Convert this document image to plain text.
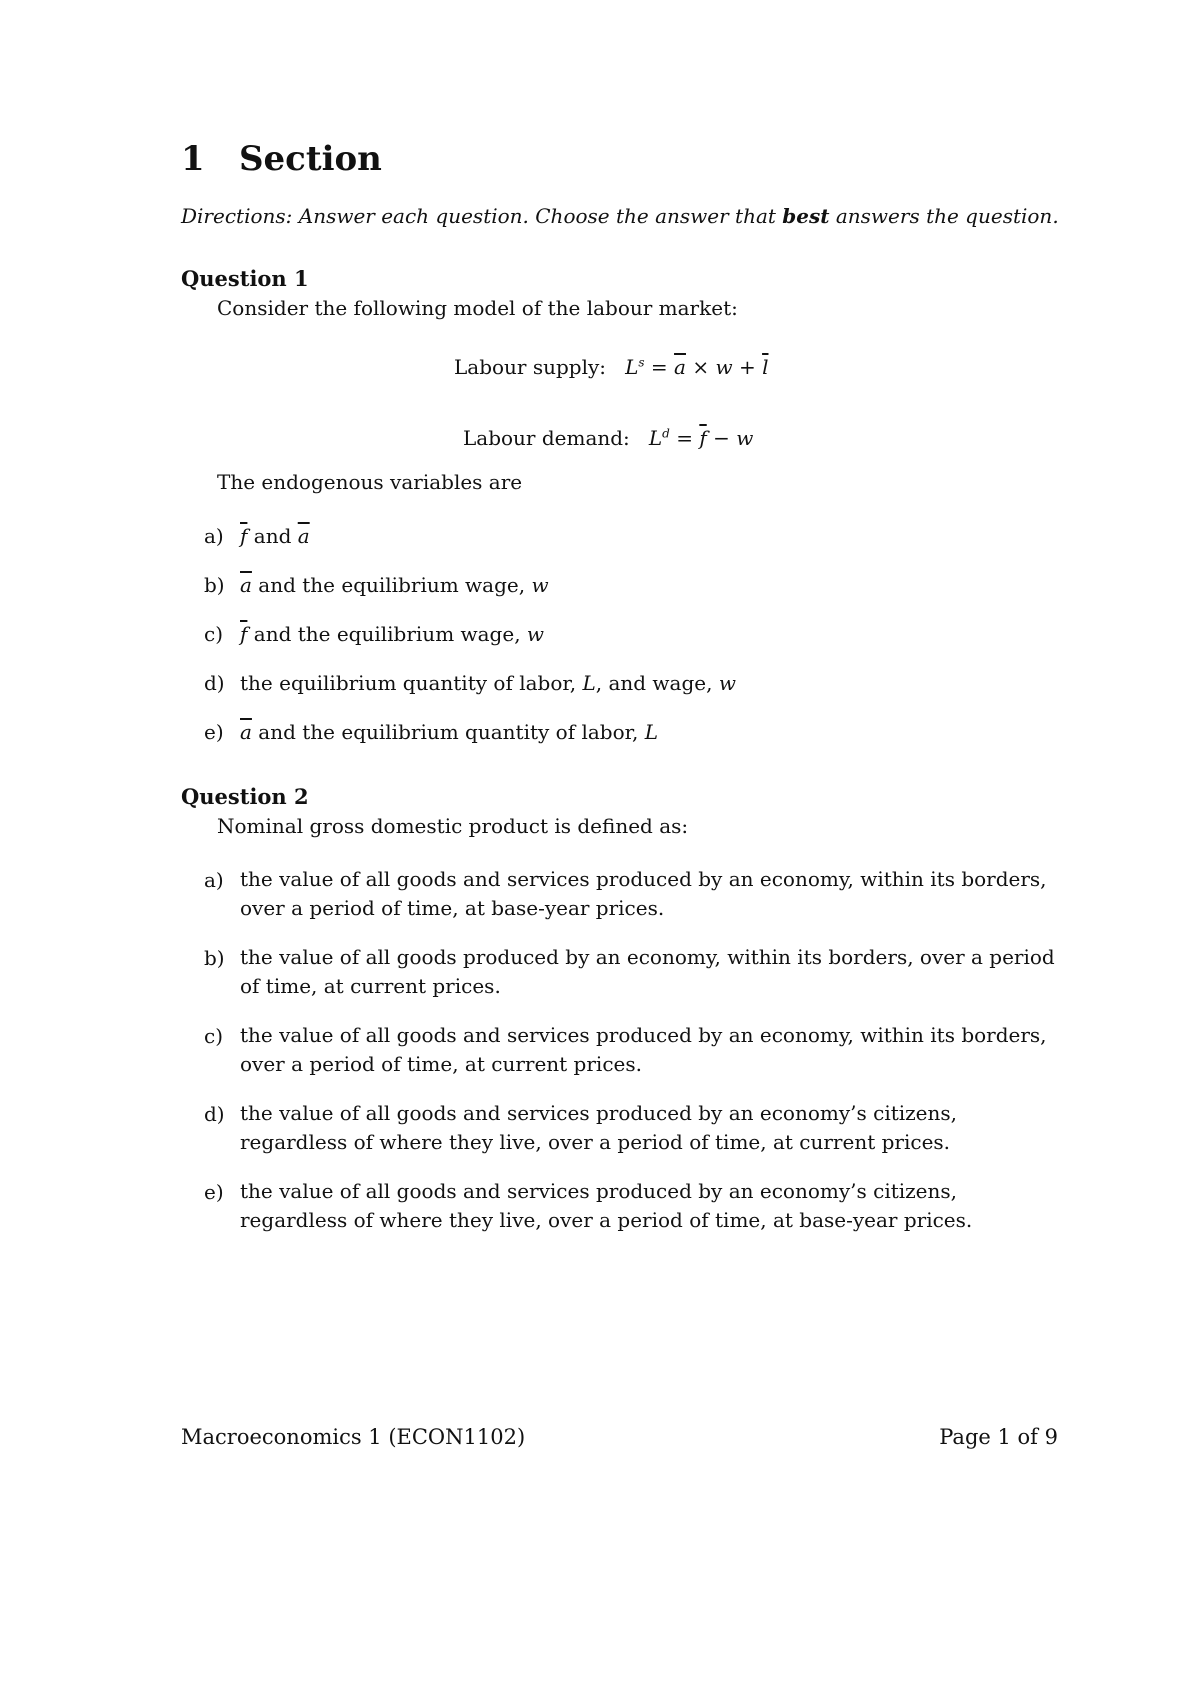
1 Section
Directions: Answer each question. Choose the answer that best answers the question.
Question 1
Consider the following model of the labour market:
Labour supply: $L^s = \overline{a} \times w + \overline{l}$
Labour demand: $L^d = \overline{f} - w$
The endogenous variables are
a) $\overline{f}$ and $\overline{a}$
b) $\overline{a}$ and the equilibrium wage, w
c) $\overline{f}$ and the equilibrium wage, w
d) the equilibrium quantity of labor, L, and wage, w
e) $\overline{a}$ and the equilibrium quantity of labor, L
Question 2
Nominal gross domestic product is defined as:
a) the value of all goods and services produced by an economy, within its borders, over a period of time, at base-year prices.
b) the value of all goods produced by an economy, within its borders, over a period of time, at current prices.
c) the value of all goods and services produced by an economy, within its borders, over a period of time, at current prices.
d) the value of all goods and services produced by an economy’s citizens, regardless of where they live, over a period of time, at current prices.
e) the value of all goods and services produced by an economy’s citizens, regardless of where they live, over a period of time, at base-year prices.
Macroeconomics 1 (ECON1102)	Page 1 of 9
